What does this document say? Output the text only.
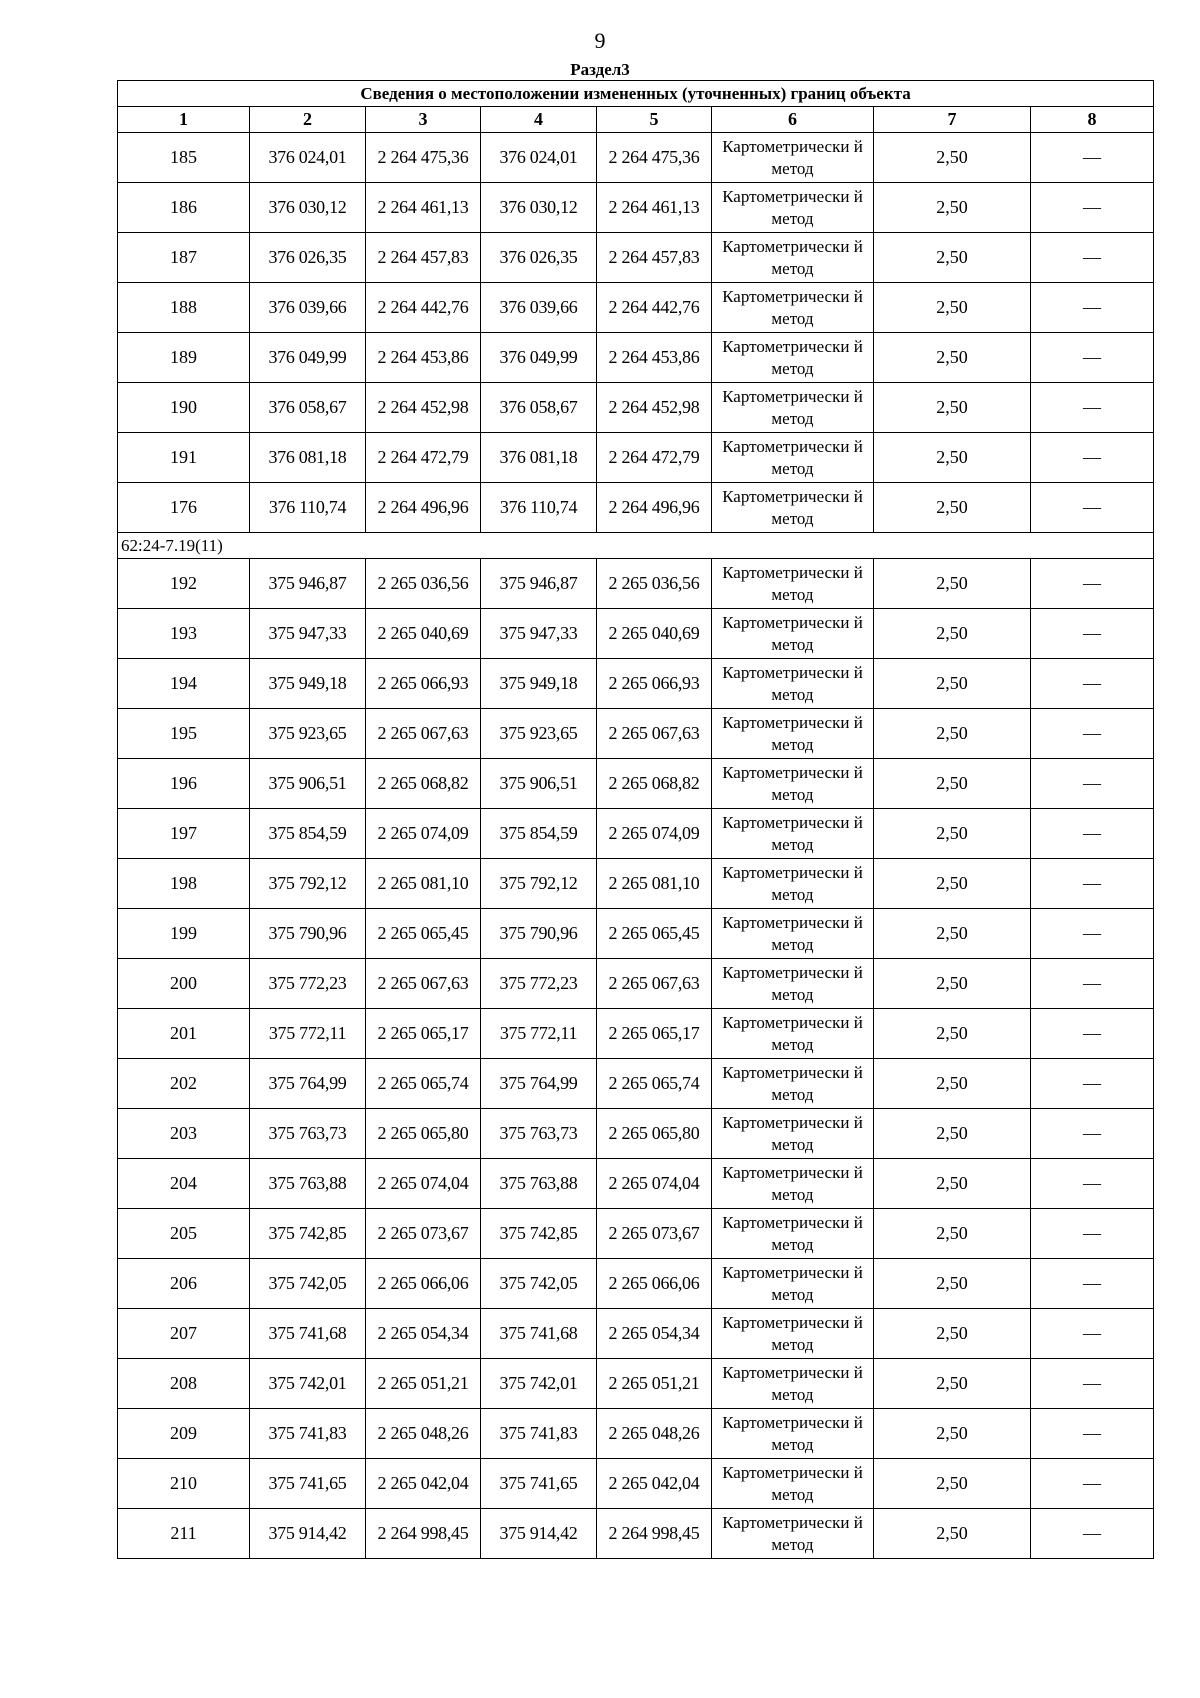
9
Раздел3
Сведения о местоположении измененных (уточненных) границ объекта							
1	2	3	4	5	6	7	8
185	376 024,01	2 264 475,36	376 024,01	2 264 475,36	Картометрически й метод	2,50	—
186	376 030,12	2 264 461,13	376 030,12	2 264 461,13	Картометрически й метод	2,50	—
187	376 026,35	2 264 457,83	376 026,35	2 264 457,83	Картометрически й метод	2,50	—
188	376 039,66	2 264 442,76	376 039,66	2 264 442,76	Картометрически й метод	2,50	—
189	376 049,99	2 264 453,86	376 049,99	2 264 453,86	Картометрически й метод	2,50	—
190	376 058,67	2 264 452,98	376 058,67	2 264 452,98	Картометрически й метод	2,50	—
191	376 081,18	2 264 472,79	376 081,18	2 264 472,79	Картометрически й метод	2,50	—
176	376 110,74	2 264 496,96	376 110,74	2 264 496,96	Картометрически й метод	2,50	—
62:24-7.19(11)							
192	375 946,87	2 265 036,56	375 946,87	2 265 036,56	Картометрически й метод	2,50	—
193	375 947,33	2 265 040,69	375 947,33	2 265 040,69	Картометрически й метод	2,50	—
194	375 949,18	2 265 066,93	375 949,18	2 265 066,93	Картометрически й метод	2,50	—
195	375 923,65	2 265 067,63	375 923,65	2 265 067,63	Картометрически й метод	2,50	—
196	375 906,51	2 265 068,82	375 906,51	2 265 068,82	Картометрически й метод	2,50	—
197	375 854,59	2 265 074,09	375 854,59	2 265 074,09	Картометрически й метод	2,50	—
198	375 792,12	2 265 081,10	375 792,12	2 265 081,10	Картометрически й метод	2,50	—
199	375 790,96	2 265 065,45	375 790,96	2 265 065,45	Картометрически й метод	2,50	—
200	375 772,23	2 265 067,63	375 772,23	2 265 067,63	Картометрически й метод	2,50	—
201	375 772,11	2 265 065,17	375 772,11	2 265 065,17	Картометрически й метод	2,50	—
202	375 764,99	2 265 065,74	375 764,99	2 265 065,74	Картометрически й метод	2,50	—
203	375 763,73	2 265 065,80	375 763,73	2 265 065,80	Картометрически й метод	2,50	—
204	375 763,88	2 265 074,04	375 763,88	2 265 074,04	Картометрически й метод	2,50	—
205	375 742,85	2 265 073,67	375 742,85	2 265 073,67	Картометрически й метод	2,50	—
206	375 742,05	2 265 066,06	375 742,05	2 265 066,06	Картометрически й метод	2,50	—
207	375 741,68	2 265 054,34	375 741,68	2 265 054,34	Картометрически й метод	2,50	—
208	375 742,01	2 265 051,21	375 742,01	2 265 051,21	Картометрически й метод	2,50	—
209	375 741,83	2 265 048,26	375 741,83	2 265 048,26	Картометрически й метод	2,50	—
210	375 741,65	2 265 042,04	375 741,65	2 265 042,04	Картометрически й метод	2,50	—
211	375 914,42	2 264 998,45	375 914,42	2 264 998,45	Картометрически й метод	2,50	—
